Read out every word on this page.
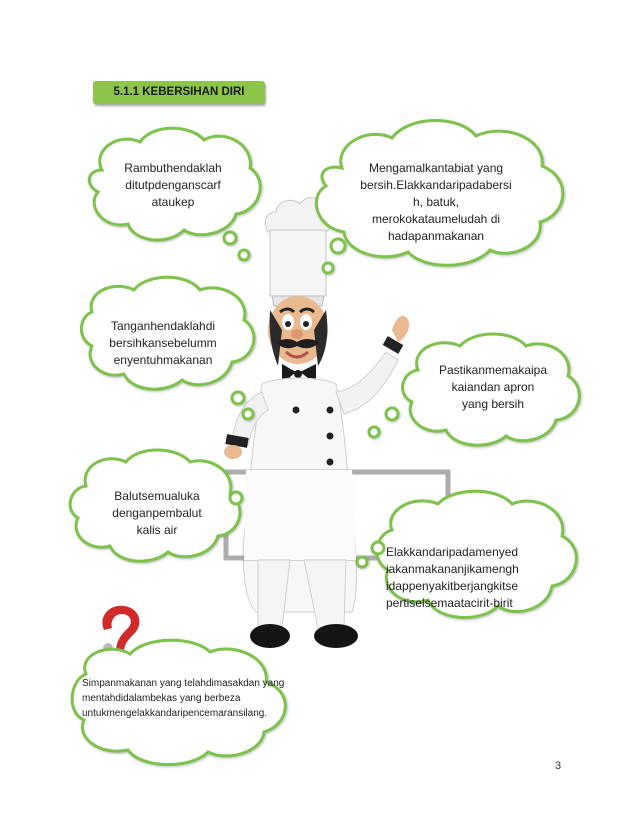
5.1.1 KEBERSIHAN DIRI
Rambuthendaklah
ditutpdenganscarf
ataukep
Mengamalkantabiat yang
bersih.Elakkandaripadabersi
h, batuk,
merokokataumeludah di
hadapanmakanan
Tanganhendaklahdi
bersihkansebelumm
enyentuhmakanan
Pastikanmemakaipa
kaiandan apron
yang bersih
Balutsemualuka
denganpembalut
kalis air
Elakkandaripadamenyed
iakanmakananjikamengh
idappenyakitberjangkitse
pertiselsemaatacirit-birit
Simpanmakanan yang telahdimasakdan yang
mentahdidalambekas yang berbeza
untukmengelakkandaripencemaransilang.
3
